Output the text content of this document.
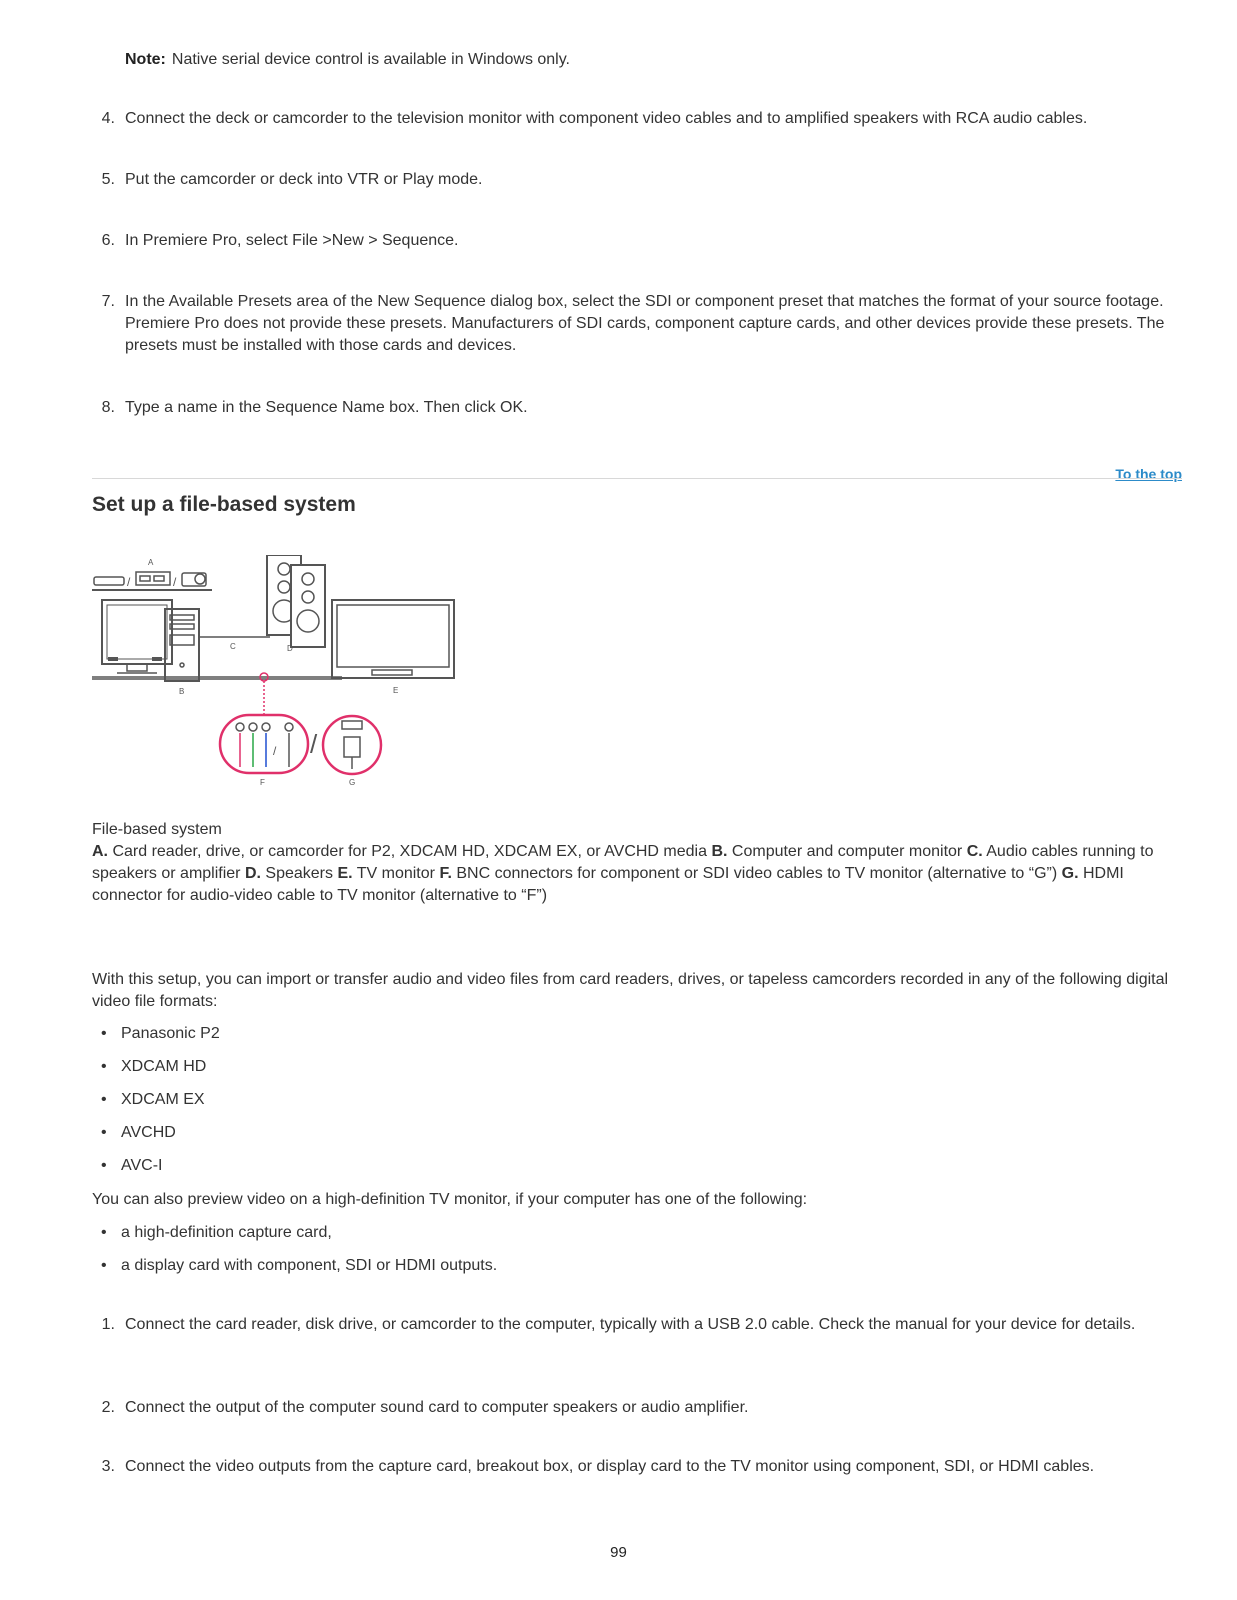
Note: Native serial device control is available in Windows only.
4. Connect the deck or camcorder to the television monitor with component video cables and to amplified speakers with RCA audio cables.
5. Put the camcorder or deck into VTR or Play mode.
6. In Premiere Pro, select File >New > Sequence.
7. In the Available Presets area of the New Sequence dialog box, select the SDI or component preset that matches the format of your source footage. Premiere Pro does not provide these presets. Manufacturers of SDI cards, component capture cards, and other devices provide these presets. The presets must be installed with those cards and devices.
8. Type a name in the Sequence Name box. Then click OK.
To the top
Set up a file-based system
/	/
A
B
C	D
E
/
F
/
G
File-based system
A. Card reader, drive, or camcorder for P2, XDCAM HD, XDCAM EX, or AVCHD media B. Computer and computer monitor C. Audio cables running to speakers or amplifier D. Speakers E. TV monitor F. BNC connectors for component or SDI video cables to TV monitor (alternative to “G”) G. HDMI connector for audio-video cable to TV monitor (alternative to “F”)
With this setup, you can import or transfer audio and video files from card readers, drives, or tapeless camcorders recorded in any of the following digital video file formats:
• Panasonic P2
• XDCAM HD
• XDCAM EX
• AVCHD
• AVC-I
You can also preview video on a high-definition TV monitor, if your computer has one of the following:
• a high-definition capture card,
• a display card with component, SDI or HDMI outputs.
1. Connect the card reader, disk drive, or camcorder to the computer, typically with a USB 2.0 cable. Check the manual for your device for details.
2. Connect the output of the computer sound card to computer speakers or audio amplifier.
3. Connect the video outputs from the capture card, breakout box, or display card to the TV monitor using component, SDI, or HDMI cables.
99
